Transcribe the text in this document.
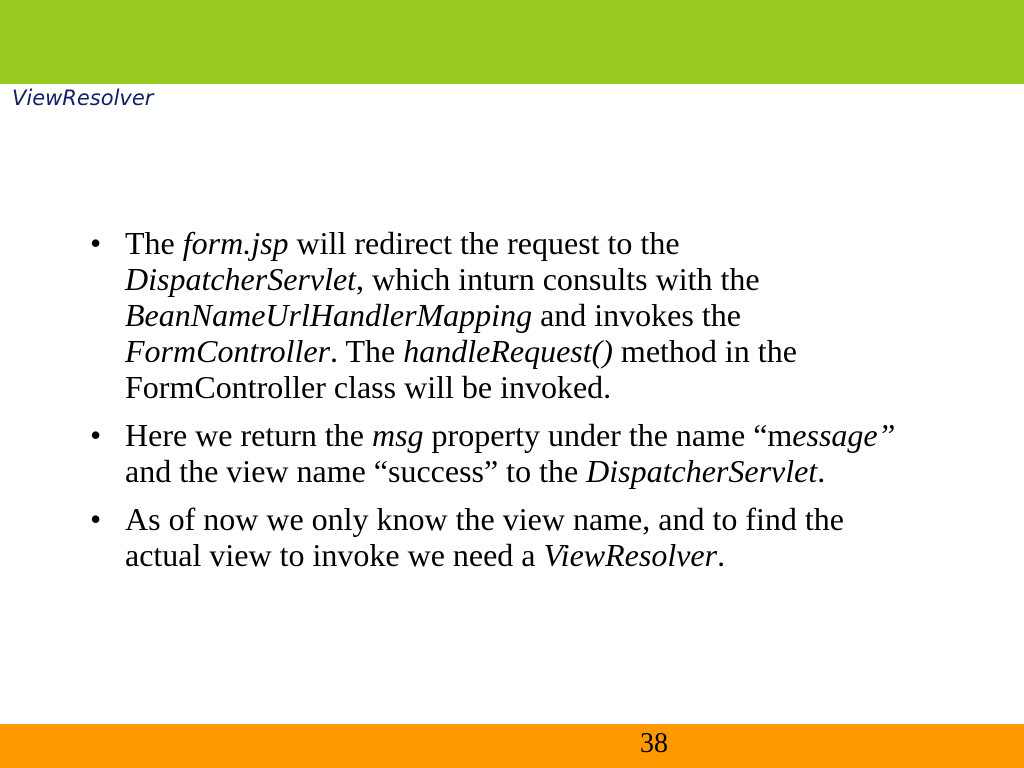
ViewResolver
• The form.jsp will redirect the request to the DispatcherServlet, which inturn consults with the BeanNameUrlHandlerMapping and invokes the FormController. The handleRequest() method in the FormController class will be invoked.
• Here we return the msg property under the name “message” and the view name “success” to the DispatcherServlet.
• As of now we only know the view name, and to find the actual view to invoke we need a ViewResolver.
38
